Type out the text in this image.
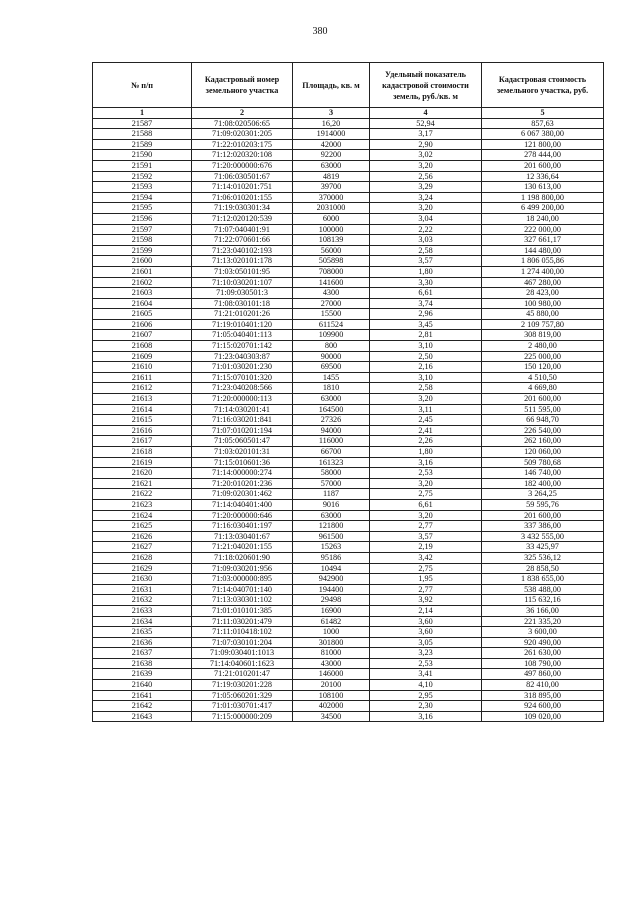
380
№ п/п	Кадастровый номер земельного участка	Площадь, кв. м	Удельный показатель кадастровой стоимости земель, руб./кв. м	Кадастровая стоимость земельного участка, руб.
1	2	3	4	5
21587	71:08:020506:65	16,20	52,94	857,63
21588	71:09:020301:205	1914000	3,17	6 067 380,00
21589	71:22:010203:175	42000	2,90	121 800,00
21590	71:12:020320:108	92200	3,02	278 444,00
21591	71:20:000000:676	63000	3,20	201 600,00
21592	71:06:030501:67	4819	2,56	12 336,64
21593	71:14:010201:751	39700	3,29	130 613,00
21594	71:06:010201:155	370000	3,24	1 198 800,00
21595	71:19:030301:34	2031000	3,20	6 499 200,00
21596	71:12:020120:539	6000	3,04	18 240,00
21597	71:07:040401:91	100000	2,22	222 000,00
21598	71:22:070601:66	108139	3,03	327 661,17
21599	71:23:040102:193	56000	2,58	144 480,00
21600	71:13:020101:178	505898	3,57	1 806 055,86
21601	71:03:050101:95	708000	1,80	1 274 400,00
21602	71:10:030201:107	141600	3,30	467 280,00
21603	71:09:030501:3	4300	6,61	28 423,00
21604	71:08:030101:18	27000	3,74	100 980,00
21605	71:21:010201:26	15500	2,96	45 880,00
21606	71:19:010401:120	611524	3,45	2 109 757,80
21607	71:05:040401:113	109900	2,81	308 819,00
21608	71:15:020701:142	800	3,10	2 480,00
21609	71:23:040303:87	90000	2,50	225 000,00
21610	71:01:030201:230	69500	2,16	150 120,00
21611	71:15:070101:320	1455	3,10	4 510,50
21612	71:23:040208:566	1810	2,58	4 669,80
21613	71:20:000000:113	63000	3,20	201 600,00
21614	71:14:030201:41	164500	3,11	511 595,00
21615	71:16:030201:841	27326	2,45	66 948,70
21616	71:07:010201:194	94000	2,41	226 540,00
21617	71:05:060501:47	116000	2,26	262 160,00
21618	71:03:020101:31	66700	1,80	120 060,00
21619	71:15:010601:36	161323	3,16	509 780,68
21620	71:14:000000:274	58000	2,53	146 740,00
21621	71:20:010201:236	57000	3,20	182 400,00
21622	71:09:020301:462	1187	2,75	3 264,25
21623	71:14:040401:400	9016	6,61	59 595,76
21624	71:20:000000:646	63000	3,20	201 600,00
21625	71:16:030401:197	121800	2,77	337 386,00
21626	71:13:030401:67	961500	3,57	3 432 555,00
21627	71:21:040201:155	15263	2,19	33 425,97
21628	71:18:020601:90	95186	3,42	325 536,12
21629	71:09:030201:956	10494	2,75	28 858,50
21630	71:03:000000:895	942900	1,95	1 838 655,00
21631	71:14:040701:140	194400	2,77	538 488,00
21632	71:13:030301:102	29498	3,92	115 632,16
21633	71:01:010101:385	16900	2,14	36 166,00
21634	71:11:030201:479	61482	3,60	221 335,20
21635	71:11:010418:102	1000	3,60	3 600,00
21636	71:07:030101:204	301800	3,05	920 490,00
21637	71:09:030401:1013	81000	3,23	261 630,00
21638	71:14:040601:1623	43000	2,53	108 790,00
21639	71:21:010201:47	146000	3,41	497 860,00
21640	71:19:030201:228	20100	4,10	82 410,00
21641	71:05:060201:329	108100	2,95	318 895,00
21642	71:01:030701:417	402000	2,30	924 600,00
21643	71:15:000000:209	34500	3,16	109 020,00
